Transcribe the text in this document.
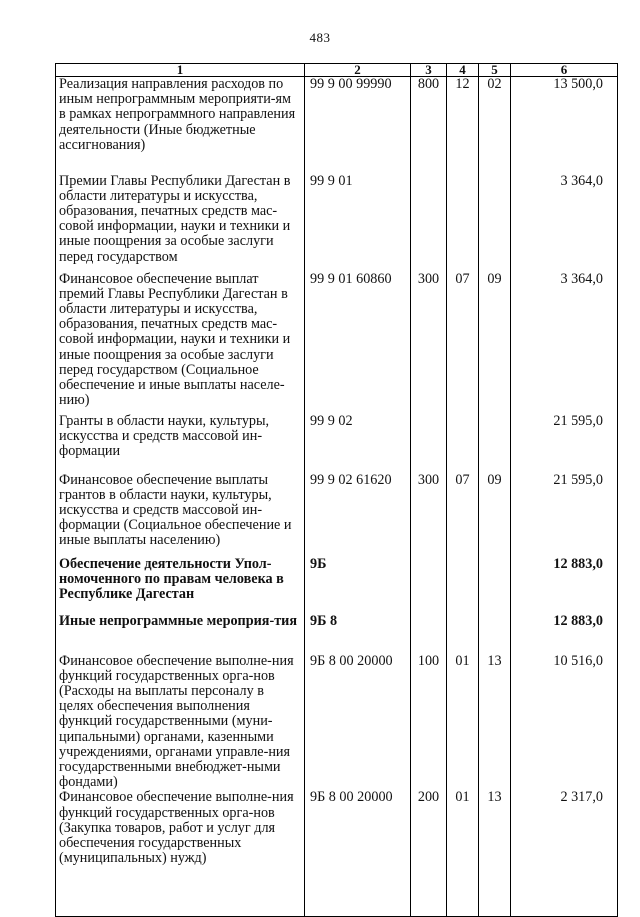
483
1	2	3	4	5	6
Реализация направления расходов по иным непрограммным мероприяти-ям в рамках непрограммного направления деятельности (Иные бюджетные ассигнования)	99 9 00 99990	800	12	02	13 500,0
Премии Главы Республики Дагестан в области литературы и искусства, образования, печатных средств мас-совой информации, науки и техники и иные поощрения за особые заслуги перед государством	99 9 01				3 364,0
Финансовое обеспечение выплат премий Главы Республики Дагестан в области литературы и искусства, образования, печатных средств мас-совой информации, науки и техники и иные поощрения за особые заслуги перед государством (Социальное обеспечение и иные выплаты населе-нию)	99 9 01 60860	300	07	09	3 364,0
Гранты в области науки, культуры, искусства и средств массовой ин-формации	99 9 02				21 595,0
Финансовое обеспечение выплаты грантов в области науки, культуры, искусства и средств массовой ин-формации (Социальное обеспечение и иные выплаты населению)	99 9 02 61620	300	07	09	21 595,0
Обеспечение деятельности Упол-номоченного по правам человека в Республике Дагестан	9Б				12 883,0
Иные непрограммные мероприя-тия	9Б 8				12 883,0
Финансовое обеспечение выполне-ния функций государственных орга-нов (Расходы на выплаты персоналу в целях обеспечения выполнения функций государственными (муни-ципальными) органами, казенными учреждениями, органами управле-ния государственными внебюджет-ными фондами)	9Б 8 00 20000	100	01	13	10 516,0
Финансовое обеспечение выполне-ния функций государственных орга-нов (Закупка товаров, работ и услуг для обеспечения государственных (муниципальных) нужд)	9Б 8 00 20000	200	01	13	2 317,0
